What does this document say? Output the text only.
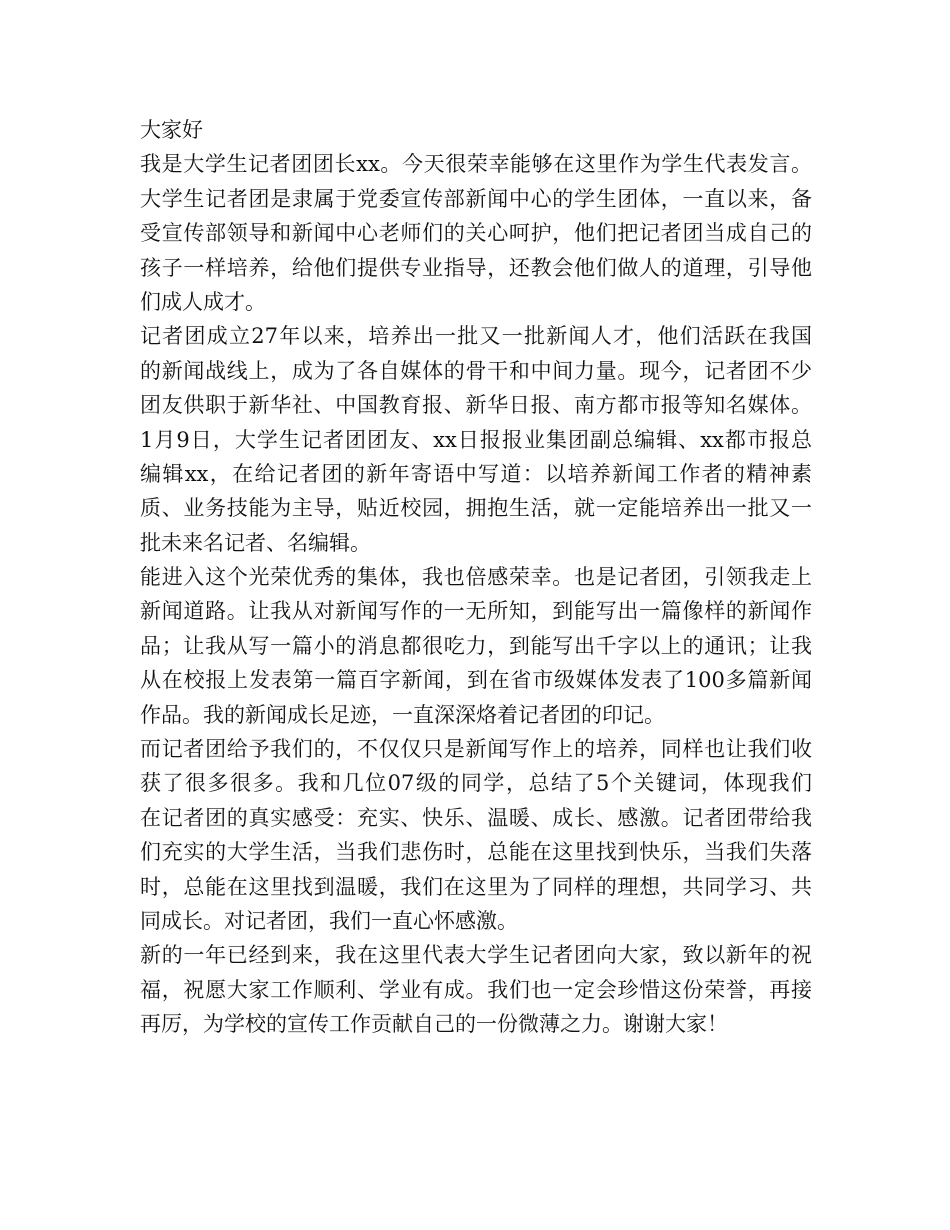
大家好
我是大学生记者团团长xx。今天很荣幸能够在这里作为学生代表发言。
大学生记者团是隶属于党委宣传部新闻中心的学生团体，一直以来，备
受宣传部领导和新闻中心老师们的关心呵护，他们把记者团当成自己的
孩子一样培养，给他们提供专业指导，还教会他们做人的道理，引导他
们成人成才。
记者团成立27年以来，培养出一批又一批新闻人才，他们活跃在我国
的新闻战线上，成为了各自媒体的骨干和中间力量。现今，记者团不少
团友供职于新华社、中国教育报、新华日报、南方都市报等知名媒体。
1月9日，大学生记者团团友、xx日报报业集团副总编辑、xx都市报总
编辑xx，在给记者团的新年寄语中写道：以培养新闻工作者的精神素
质、业务技能为主导，贴近校园，拥抱生活，就一定能培养出一批又一
批未来名记者、名编辑。
能进入这个光荣优秀的集体，我也倍感荣幸。也是记者团，引领我走上
新闻道路。让我从对新闻写作的一无所知，到能写出一篇像样的新闻作
品；让我从写一篇小的消息都很吃力，到能写出千字以上的通讯；让我
从在校报上发表第一篇百字新闻，到在省市级媒体发表了100多篇新闻
作品。我的新闻成长足迹，一直深深烙着记者团的印记。
而记者团给予我们的，不仅仅只是新闻写作上的培养，同样也让我们收
获了很多很多。我和几位07级的同学，总结了5个关键词，体现我们
在记者团的真实感受：充实、快乐、温暖、成长、感激。记者团带给我
们充实的大学生活，当我们悲伤时，总能在这里找到快乐，当我们失落
时，总能在这里找到温暖，我们在这里为了同样的理想，共同学习、共
同成长。对记者团，我们一直心怀感激。
新的一年已经到来，我在这里代表大学生记者团向大家，致以新年的祝
福，祝愿大家工作顺利、学业有成。我们也一定会珍惜这份荣誉，再接
再厉，为学校的宣传工作贡献自己的一份微薄之力。谢谢大家！
